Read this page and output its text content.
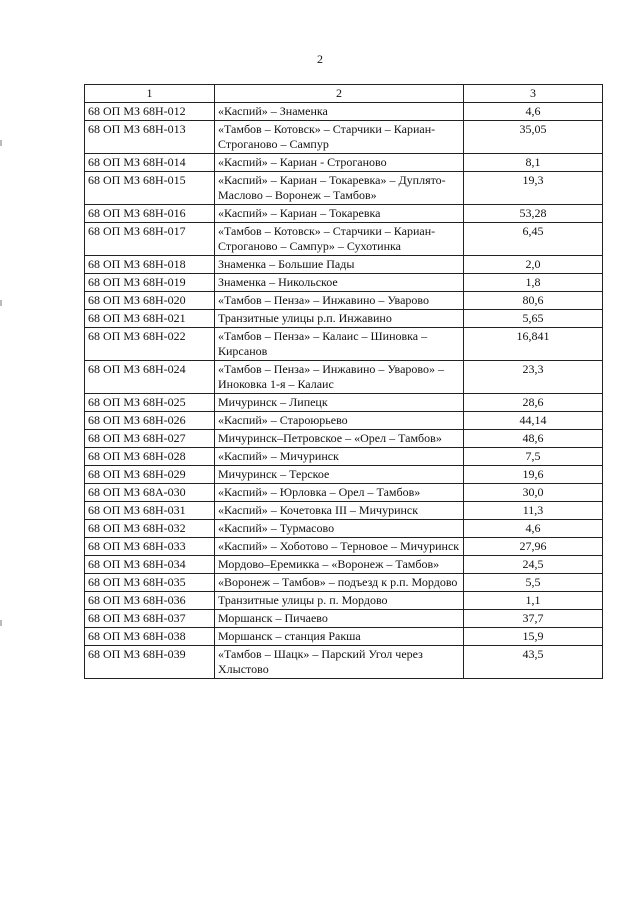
2
1	2	3
68 ОП МЗ 68Н-012	«Каспий» – Знаменка	4,6
68 ОП МЗ 68Н-013	«Тамбов – Котовск» – Старчики – Кариан-Строганово – Сампур	35,05
68 ОП МЗ 68Н-014	«Каспий» – Кариан - Строганово	8,1
68 ОП МЗ 68Н-015	«Каспий» – Кариан – Токаревка» – Дуплято-Маслово – Воронеж – Тамбов»	19,3
68 ОП МЗ 68Н-016	«Каспий» – Кариан – Токаревка	53,28
68 ОП МЗ 68Н-017	«Тамбов – Котовск» – Старчики – Кариан-Строганово – Сампур» – Сухотинка	6,45
68 ОП МЗ 68Н-018	Знаменка – Большие Пады	2,0
68 ОП МЗ 68Н-019	Знаменка – Никольское	1,8
68 ОП МЗ 68Н-020	«Тамбов – Пенза» – Инжавино – Уварово	80,6
68 ОП МЗ 68Н-021	Транзитные улицы р.п. Инжавино	5,65
68 ОП МЗ 68Н-022	«Тамбов – Пенза» – Калаис – Шиновка – Кирсанов	16,841
68 ОП МЗ 68Н-024	«Тамбов – Пенза» – Инжавино – Уварово» – Иноковка 1-я – Калаис	23,3
68 ОП МЗ 68Н-025	Мичуринск – Липецк	28,6
68 ОП МЗ 68Н-026	«Каспий» – Староюрьево	44,14
68 ОП МЗ 68Н-027	Мичуринск–Петровское – «Орел – Тамбов»	48,6
68 ОП МЗ 68Н-028	«Каспий» – Мичуринск	7,5
68 ОП МЗ 68Н-029	Мичуринск – Терское	19,6
68 ОП МЗ 68А-030	«Каспий» – Юрловка – Орел – Тамбов»	30,0
68 ОП МЗ 68Н-031	«Каспий» – Кочетовка III – Мичуринск	11,3
68 ОП МЗ 68Н-032	«Каспий» – Турмасово	4,6
68 ОП МЗ 68Н-033	«Каспий» – Хоботово – Терновое – Мичуринск	27,96
68 ОП МЗ 68Н-034	Мордово–Еремикка – «Воронеж – Тамбов»	24,5
68 ОП МЗ 68Н-035	«Воронеж – Тамбов» – подъезд к р.п. Мордово	5,5
68 ОП МЗ 68Н-036	Транзитные улицы р. п. Мордово	1,1
68 ОП МЗ 68Н-037	Моршанск – Пичаево	37,7
68 ОП МЗ 68Н-038	Моршанск – станция Ракша	15,9
68 ОП МЗ 68Н-039	«Тамбов – Шацк» – Парский Угол через Хлыстово	43,5
